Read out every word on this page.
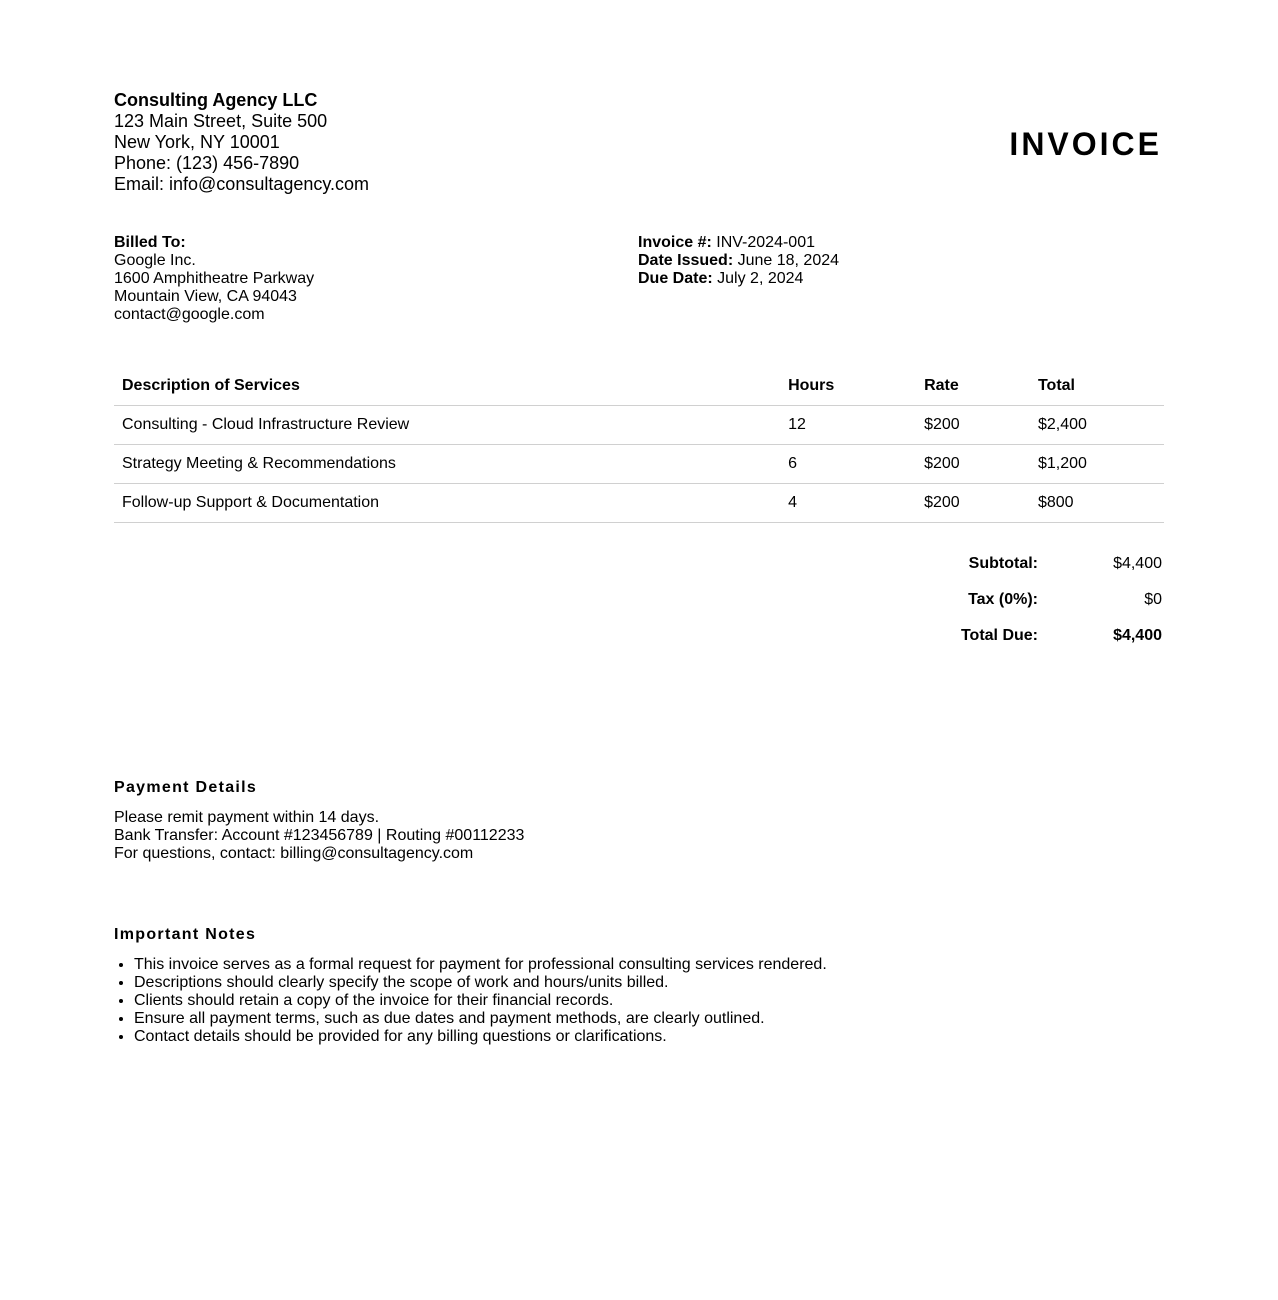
Consulting Agency LLC
123 Main Street, Suite 500
New York, NY 10001
Phone: (123) 456-7890
Email: info@consultagency.com
INVOICE
Billed To:
Google Inc.
1600 Amphitheatre Parkway
Mountain View, CA 94043
contact@google.com
Invoice #: INV-2024-001
Date Issued: June 18, 2024
Due Date: July 2, 2024
Description of Services	Hours	Rate	Total
Consulting - Cloud Infrastructure Review	12	$200	$2,400
Strategy Meeting & Recommendations	6	$200	$1,200
Follow-up Support & Documentation	4	$200	$800
Subtotal:	$4,400
Tax (0%):	$0
Total Due:	$4,400
Payment Details
Please remit payment within 14 days.
Bank Transfer: Account #123456789 | Routing #00112233
For questions, contact: billing@consultagency.com
Important Notes
• This invoice serves as a formal request for payment for professional consulting services rendered.
• Descriptions should clearly specify the scope of work and hours/units billed.
• Clients should retain a copy of the invoice for their financial records.
• Ensure all payment terms, such as due dates and payment methods, are clearly outlined.
• Contact details should be provided for any billing questions or clarifications.
